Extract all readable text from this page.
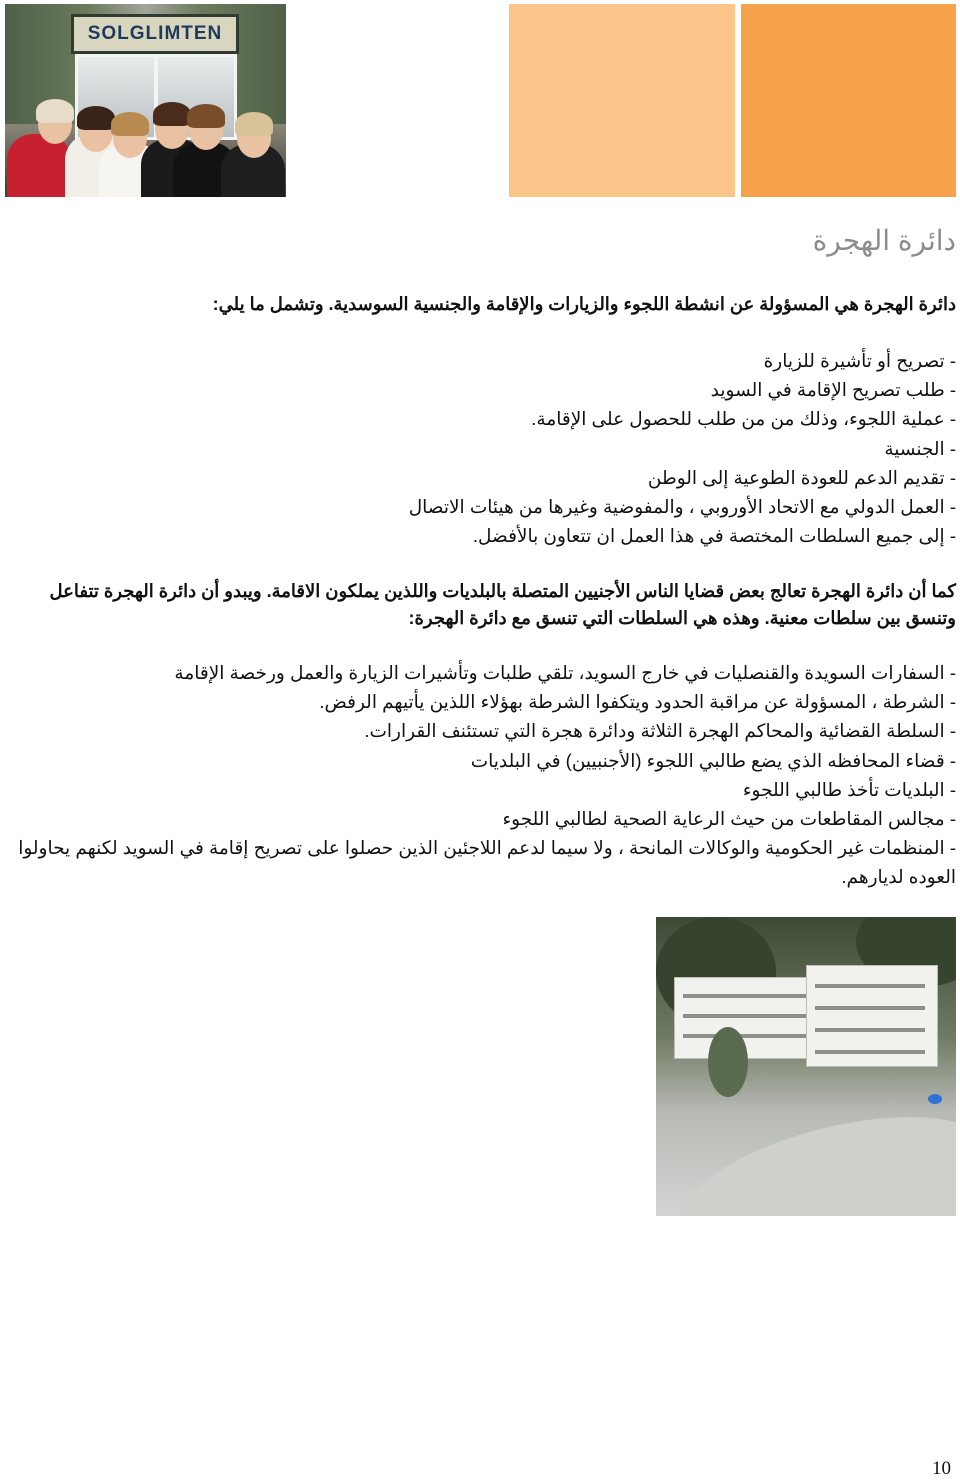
SOLGLIMTEN
دائرة الهجرة
دائرة الهجرة هي المسؤولة عن انشطة اللجوء والزيارات والإقامة والجنسية السوسدية. وتشمل ما يلي:
- تصريح أو تأشيرة للزيارة
- طلب تصريح الإقامة في السويد
- عملية اللجوء، وذلك من من طلب للحصول على الإقامة.
- الجنسية
- تقديم الدعم للعودة الطوعية إلى الوطن
- العمل الدولي مع الاتحاد الأوروبي ، والمفوضية وغيرها من هيئات الاتصال
- إلى جميع السلطات المختصة في هذا العمل ان تتعاون بالأفضل.
كما أن دائرة الهجرة تعالج بعض قضايا الناس الأجنيين المتصلة بالبلديات واللذين يملكون الاقامة. ويبدو أن دائرة الهجرة تتفاعل وتنسق بين سلطات معنية. وهذه هي السلطات التي تنسق مع دائرة الهجرة:
- السفارات السويدة والقنصليات في خارج السويد، تلقي طلبات وتأشيرات الزيارة والعمل ورخصة الإقامة
- الشرطة ، المسؤولة عن مراقبة الحدود ويتكفوا الشرطة بهؤلاء اللذين يأتيهم الرفض.
- السلطة القضائية والمحاكم الهجرة الثلاثة ودائرة هجرة التي تستئنف القرارات.
- قضاء المحافظه الذي يضع طالبي اللجوء (الأجنبيين) في البلديات
- البلديات تأخذ طالبي اللجوء
- مجالس المقاطعات من حيث الرعاية الصحية لطالبي اللجوء
- المنظمات غير الحكومية والوكالات المانحة ، ولا سيما لدعم اللاجئين الذين حصلوا على تصريح إقامة في السويد لكنهم يحاولوا العوده لديارهم.
10
